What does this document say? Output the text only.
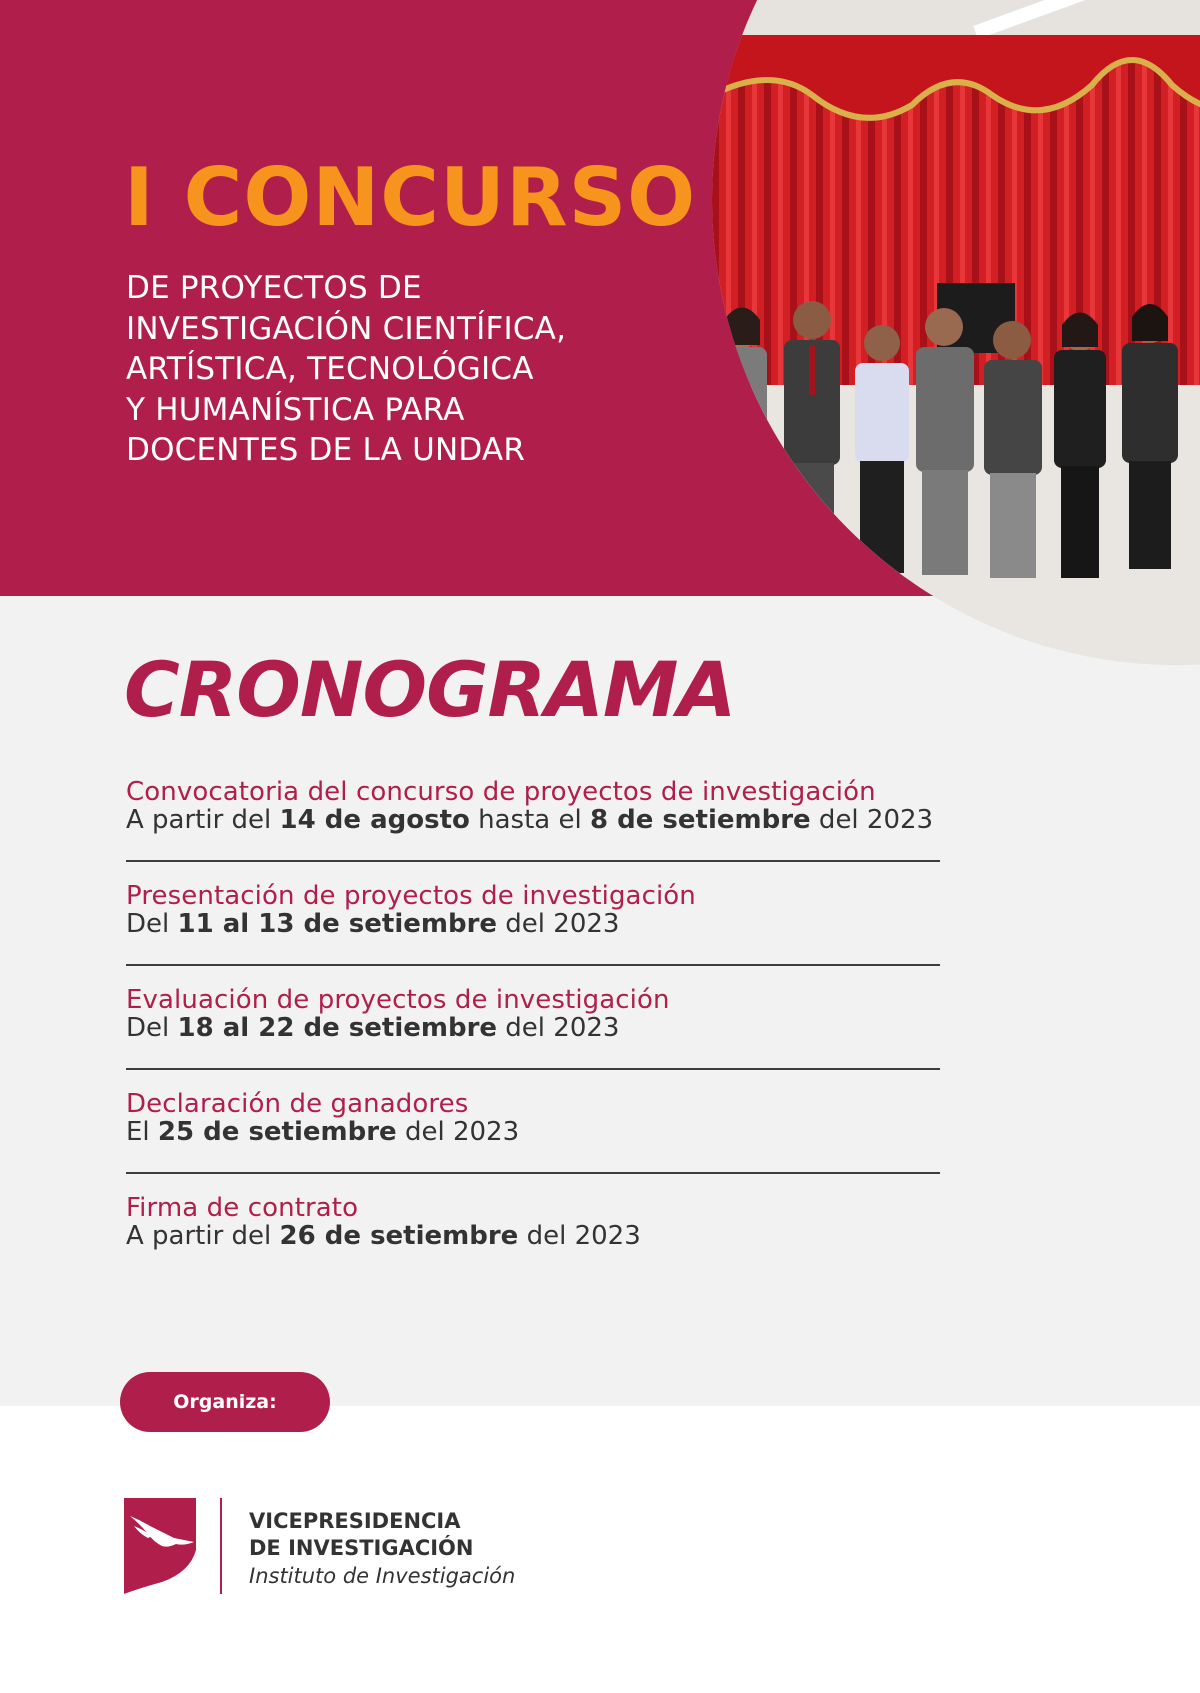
I CONCURSO
DE PROYECTOS DE
INVESTIGACIÓN CIENTÍFICA,
ARTÍSTICA, TECNOLÓGICA
Y HUMANÍSTICA PARA
DOCENTES DE LA UNDAR
CRONOGRAMA
Convocatoria del concurso de proyectos de investigación
A partir del 14 de agosto hasta el 8 de setiembre del 2023
Presentación de proyectos de investigación
Del 11 al 13 de setiembre del 2023
Evaluación de proyectos de investigación
Del 18 al 22 de setiembre del 2023
Declaración de ganadores
El 25 de setiembre del 2023
Firma de contrato
A partir del 26 de setiembre del 2023
Organiza:
VICEPRESIDENCIA
DE INVESTIGACIÓN
Instituto de Investigación
